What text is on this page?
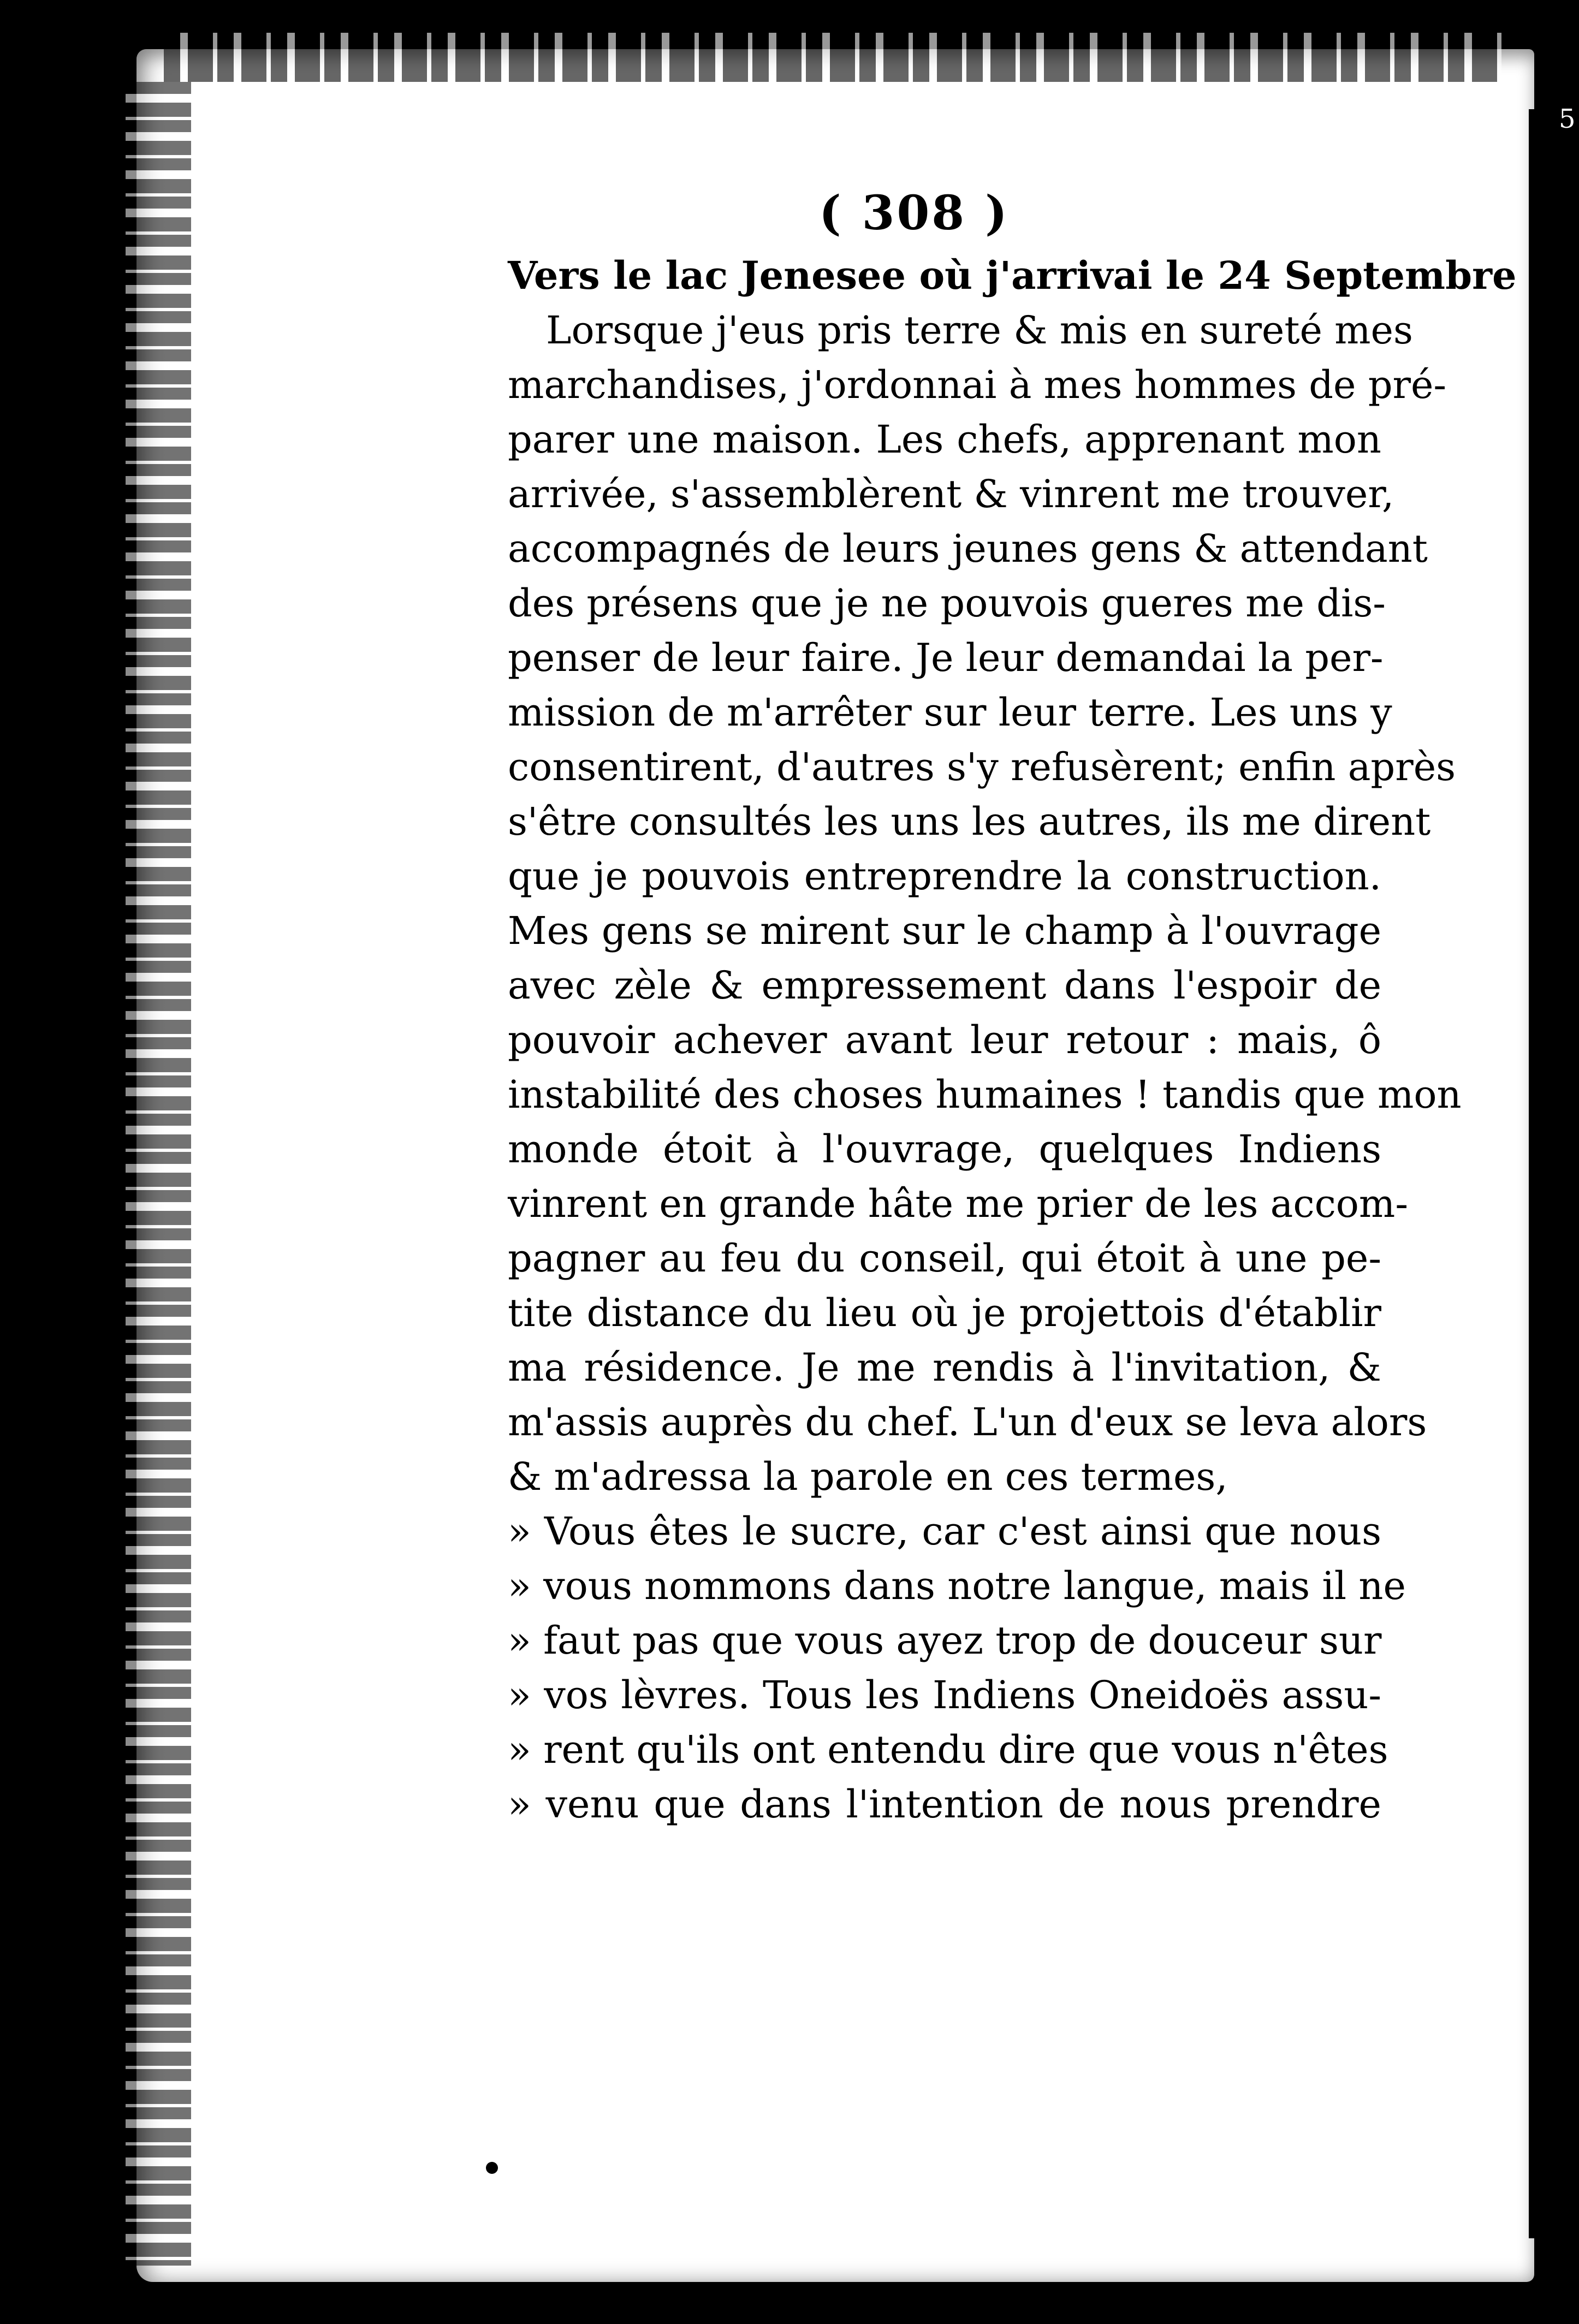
5
( 308 )
Vers le lac Jenesee où j'arrivai le 24 Septembre
Lorsque j'eus pris terre & mis en sureté mes
marchandises, j'ordonnai à mes hommes de pré-
parer une maison. Les chefs, apprenant mon
arrivée, s'assemblèrent & vinrent me trouver,
accompagnés de leurs jeunes gens & attendant
des présens que je ne pouvois gueres me dis-
penser de leur faire. Je leur demandai la per-
mission de m'arrêter sur leur terre. Les uns y
consentirent, d'autres s'y refusèrent; enfin après
s'être consultés les uns les autres, ils me dirent
que je pouvois entreprendre la construction.
Mes gens se mirent sur le champ à l'ouvrage
avec zèle & empressement dans l'espoir de
pouvoir achever avant leur retour : mais, ô
instabilité des choses humaines ! tandis que mon
monde étoit à l'ouvrage, quelques Indiens
vinrent en grande hâte me prier de les accom-
pagner au feu du conseil, qui étoit à une pe-
tite distance du lieu où je projettois d'établir
ma résidence. Je me rendis à l'invitation, &
m'assis auprès du chef. L'un d'eux se leva alors
& m'adressa la parole en ces termes,
» Vous êtes le sucre, car c'est ainsi que nous
» vous nommons dans notre langue, mais il ne
» faut pas que vous ayez trop de douceur sur
» vos lèvres. Tous les Indiens Oneidoës assu-
» rent qu'ils ont entendu dire que vous n'êtes
» venu que dans l'intention de nous prendre
